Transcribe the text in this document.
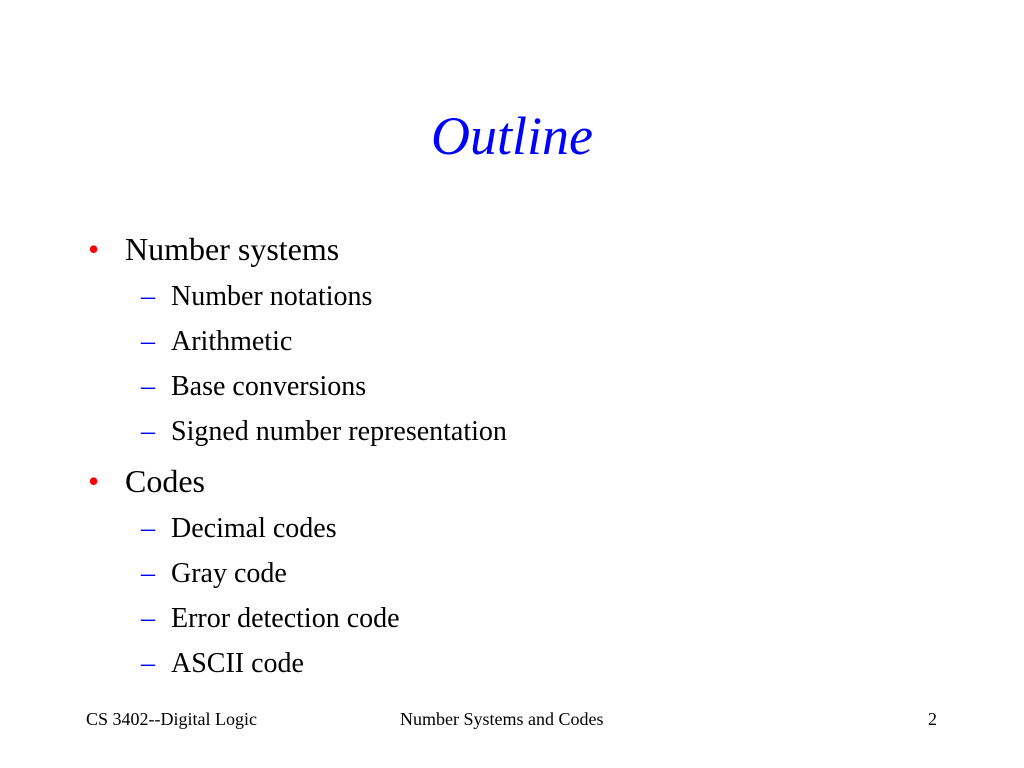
Outline
• Number systems
– Number notations
– Arithmetic
– Base conversions
– Signed number representation
• Codes
– Decimal codes
– Gray code
– Error detection code
– ASCII code
CS 3402--Digital Logic	Number Systems and Codes	2
